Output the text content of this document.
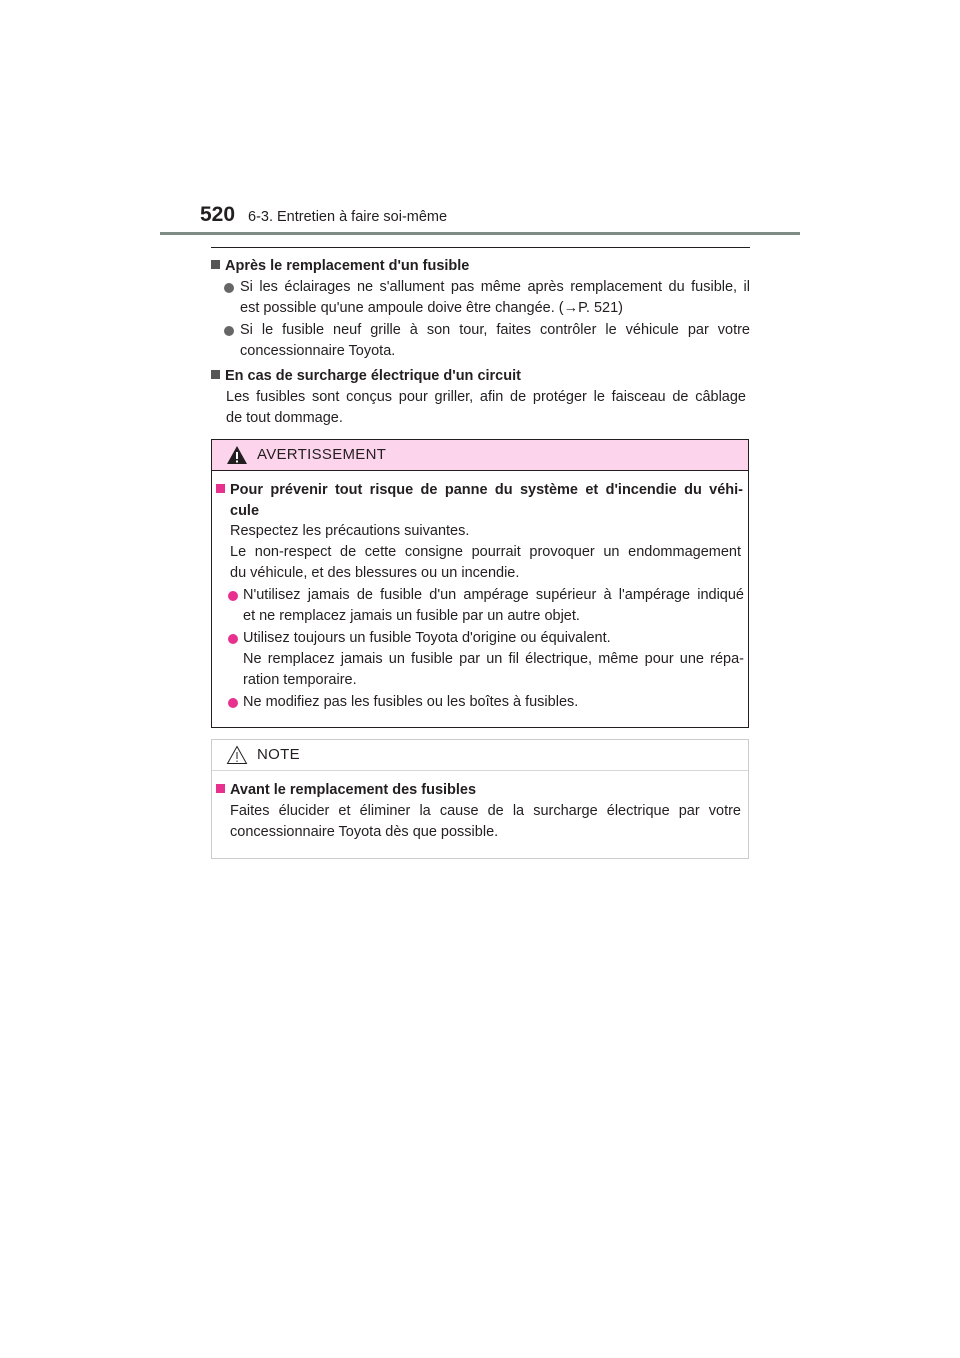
520 6-3. Entretien à faire soi-même
Après le remplacement d'un fusible
Si les éclairages ne s'allument pas même après remplacement du fusible, il
est possible qu'une ampoule doive être changée. (→P. 521)
Si le fusible neuf grille à son tour, faites contrôler le véhicule par votre
concessionnaire Toyota.
En cas de surcharge électrique d'un circuit
Les fusibles sont conçus pour griller, afin de protéger le faisceau de câblage
de tout dommage.
AVERTISSEMENT
Pour prévenir tout risque de panne du système et d'incendie du véhi-
cule
Respectez les précautions suivantes.
Le non-respect de cette consigne pourrait provoquer un endommagement
du véhicule, et des blessures ou un incendie.
N'utilisez jamais de fusible d'un ampérage supérieur à l'ampérage indiqué
et ne remplacez jamais un fusible par un autre objet.
Utilisez toujours un fusible Toyota d'origine ou équivalent.
Ne remplacez jamais un fusible par un fil électrique, même pour une répa-
ration temporaire.
Ne modifiez pas les fusibles ou les boîtes à fusibles.
NOTE
Avant le remplacement des fusibles
Faites élucider et éliminer la cause de la surcharge électrique par votre
concessionnaire Toyota dès que possible.
